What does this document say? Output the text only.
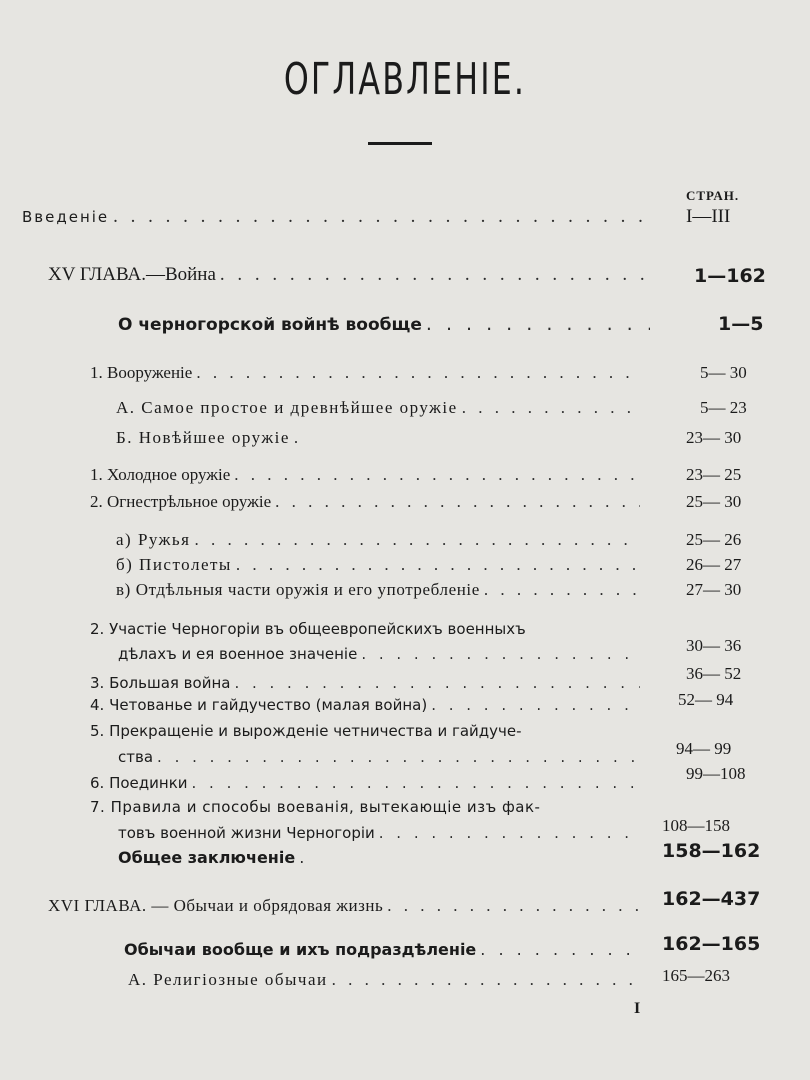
ОГЛАВЛЕНІЕ.
СТРАН.
Введеніе . . .	I—III
XV ГЛАВА.—Война . . .	1—162
О черногорской войнѣ вообще . . .	1—5
1. Вооруженіе . . .	5— 30
А. Самое простое и древнѣйшее оружіе . . .	5— 23
Б. Новѣйшее оружіе . . .	23— 30
1. Холодное оружіе . . .	23— 25
2. Огнестрѣльное оружіе . . .	25— 30
а) Ружья . . .	25— 26
б) Пистолеты . . .	26— 27
в) Отдѣльныя части оружія и его употребленіе . . .	27— 30
2. Участіе Черногоріи въ общеевропейскихъ военныхъ
дѣлахъ и ея военное значеніе . . .	30— 36
3. Большая война . . .	36— 52
4. Четованье и гайдучество (малая война) . . .	52— 94
5. Прекращеніе и вырожденіе четничества и гайдуче-
ства . . .	94— 99
6. Поединки . . .	99—108
7. Правила и способы воеванія, вытекающіе изъ фак-
товъ военной жизни Черногоріи . . .	108—158
Общее заключеніе . . .	158—162
XVI ГЛАВА. — Обычаи и обрядовая жизнь . . .	162—437
Обычаи вообще и ихъ подраздѣленіе . . .	162—165
А. Религіозные обычаи . . .	165—263
I
